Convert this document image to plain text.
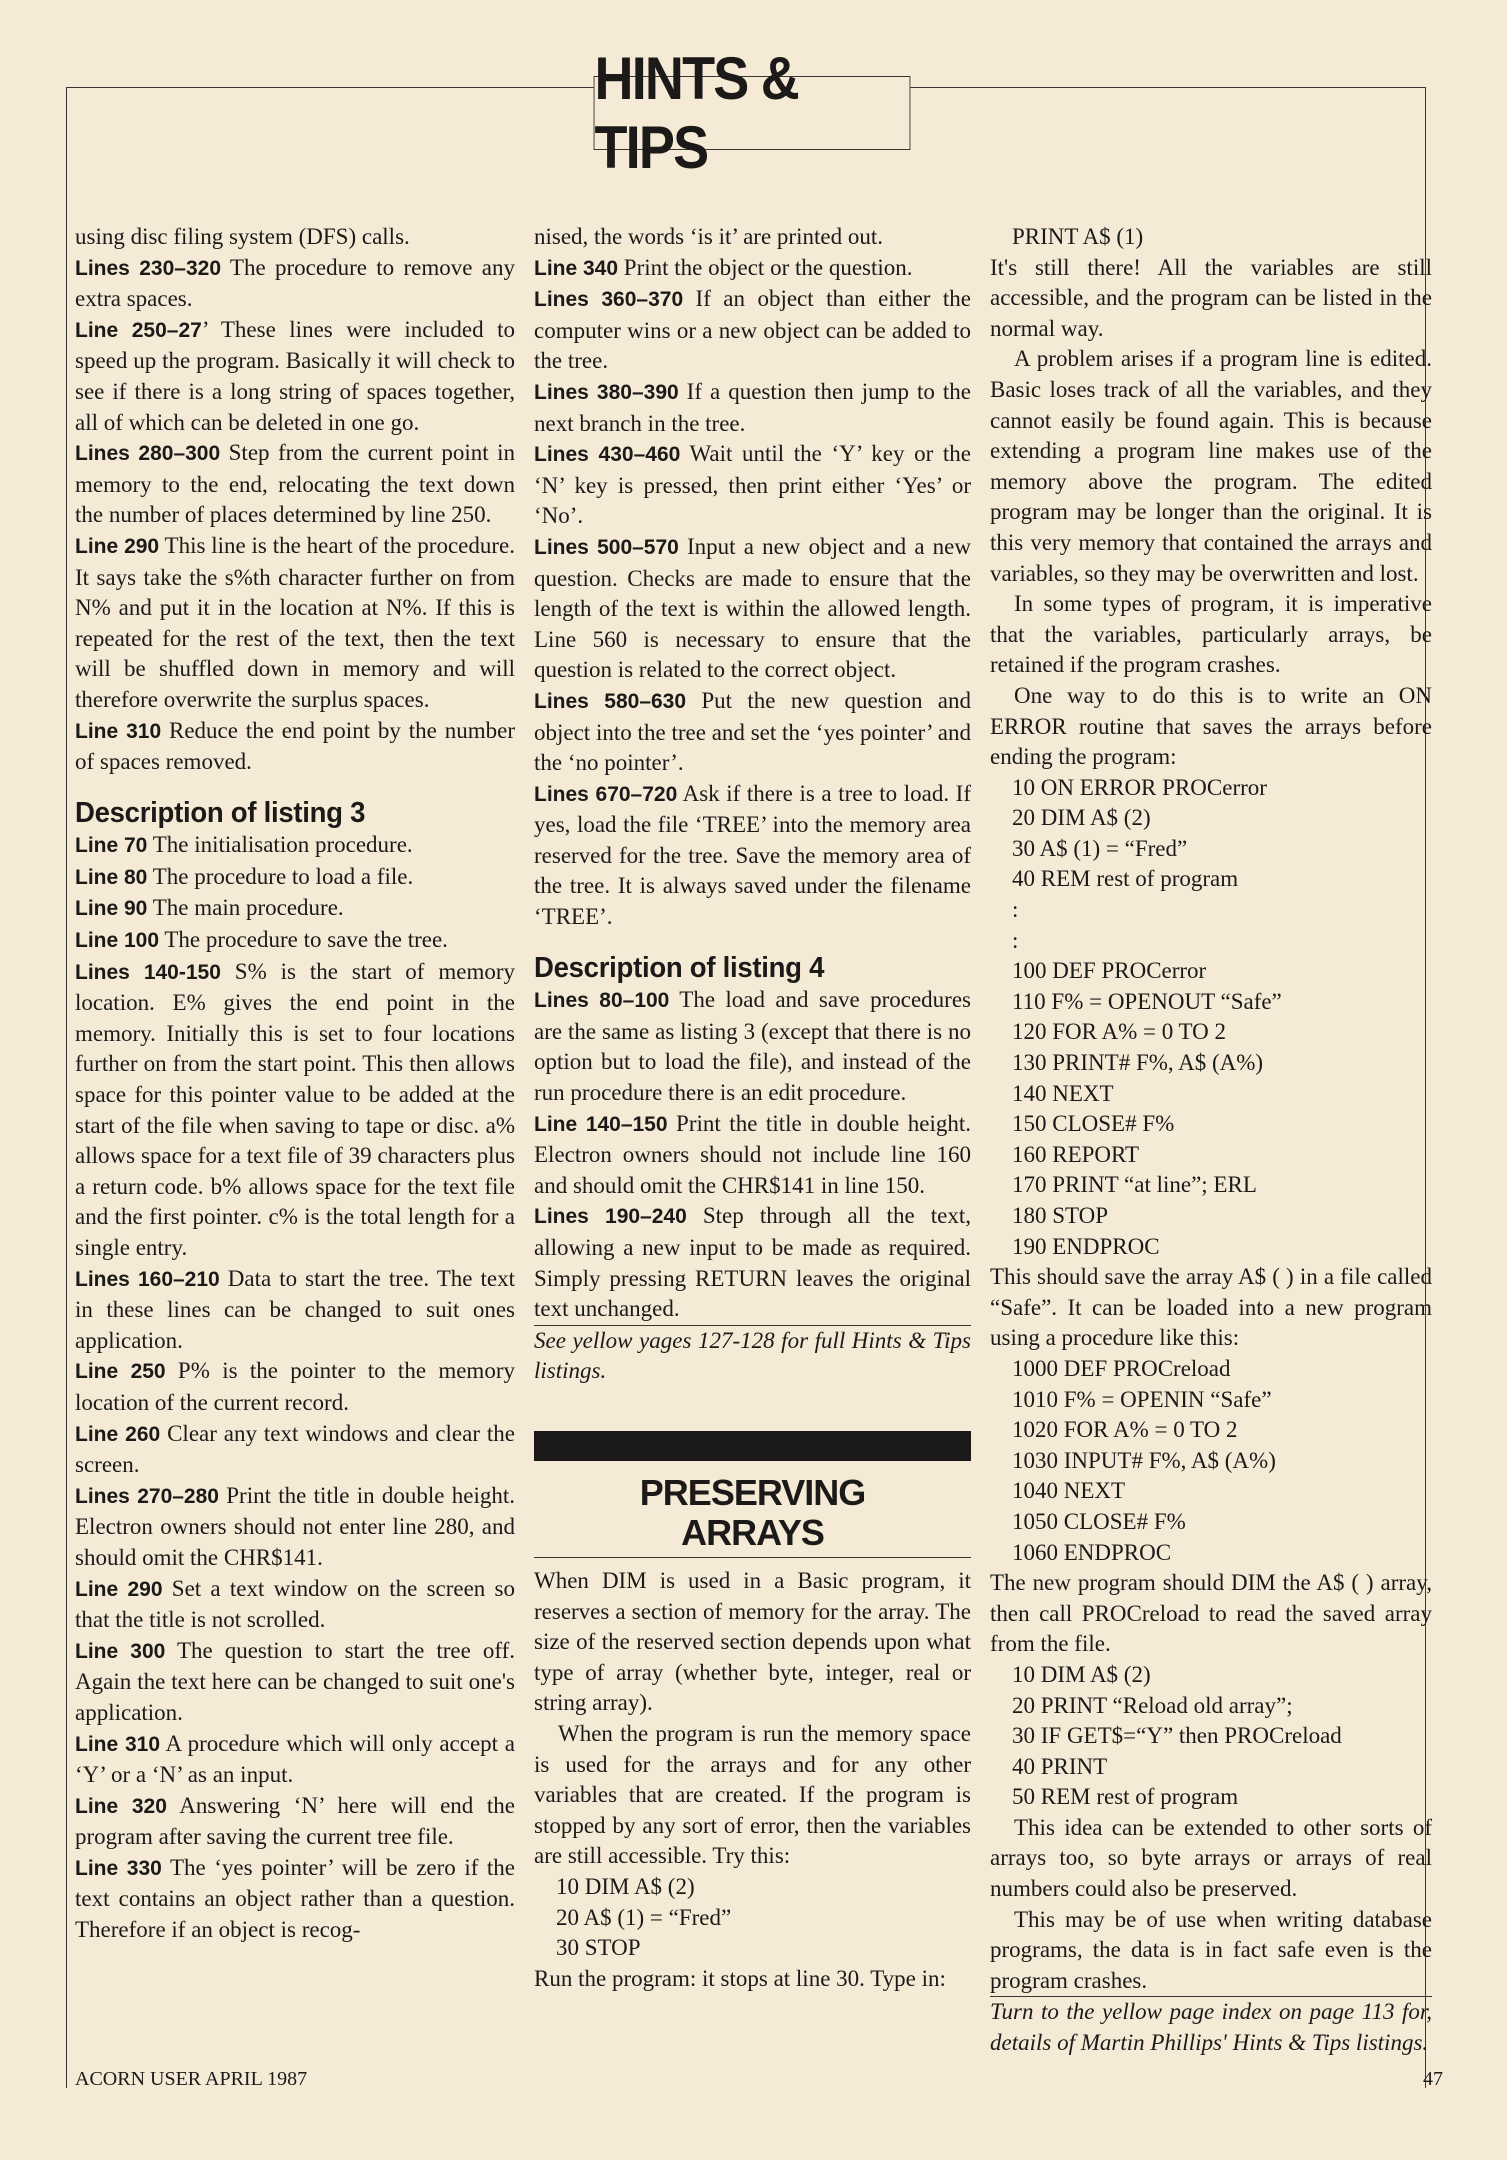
HINTS & TIPS

using disc filing system (DFS) calls.

Lines 230–320 The procedure to remove any extra spaces.

Line 250–27’ These lines were included to speed up the program. Basically it will check to see if there is a long string of spaces together, all of which can be deleted in one go.

Lines 280–300 Step from the current point in memory to the end, relocating the text down the number of places determined by line 250.

Line 290 This line is the heart of the procedure. It says take the s%th character further on from N% and put it in the location at N%. If this is repeated for the rest of the text, then the text will be shuffled down in memory and will therefore overwrite the surplus spaces.

Line 310 Reduce the end point by the number of spaces removed.

Description of listing 3

Line 70 The initialisation procedure.

Line 80 The procedure to load a file.

Line 90 The main procedure.

Line 100 The procedure to save the tree.

Lines 140-150 S% is the start of memory location. E% gives the end point in the memory. Initially this is set to four locations further on from the start point. This then allows space for this pointer value to be added at the start of the file when saving to tape or disc. a% allows space for a text file of 39 characters plus a return code. b% allows space for the text file and the first pointer. c% is the total length for a single entry.

Lines 160–210 Data to start the tree. The text in these lines can be changed to suit ones application.

Line 250 P% is the pointer to the memory location of the current record.

Line 260 Clear any text windows and clear the screen.

Lines 270–280 Print the title in double height. Electron owners should not enter line 280, and should omit the CHR$141.

Line 290 Set a text window on the screen so that the title is not scrolled.

Line 300 The question to start the tree off. Again the text here can be changed to suit one's application.

Line 310 A procedure which will only accept a ‘Y’ or a ‘N’ as an input.

Line 320 Answering ‘N’ here will end the program after saving the current tree file.

Line 330 The ‘yes pointer’ will be zero if the text contains an object rather than a question. Therefore if an object is recog-

nised, the words ‘is it’ are printed out.

Line 340 Print the object or the question.

Lines 360–370 If an object than either the computer wins or a new object can be added to the tree.

Lines 380–390 If a question then jump to the next branch in the tree.

Lines 430–460 Wait until the ‘Y’ key or the ‘N’ key is pressed, then print either ‘Yes’ or ‘No’.

Lines 500–570 Input a new object and a new question. Checks are made to ensure that the length of the text is within the allowed length. Line 560 is necessary to ensure that the question is related to the correct object.

Lines 580–630 Put the new question and object into the tree and set the ‘yes pointer’ and the ‘no pointer’.

Lines 670–720 Ask if there is a tree to load. If yes, load the file ‘TREE’ into the memory area reserved for the tree. Save the memory area of the tree. It is always saved under the filename ‘TREE’.

Description of listing 4

Lines 80–100 The load and save procedures are the same as listing 3 (except that there is no option but to load the file), and instead of the run procedure there is an edit procedure.

Line 140–150 Print the title in double height. Electron owners should not include line 160 and should omit the CHR$141 in line 150.

Lines 190–240 Step through all the text, allowing a new input to be made as required. Simply pressing RETURN leaves the original text unchanged.

See yellow yages 127-128 for full Hints & Tips listings.

PRESERVING
ARRAYS

When DIM is used in a Basic program, it reserves a section of memory for the array. The size of the reserved section depends upon what type of array (whether byte, integer, real or string array).

When the program is run the memory space is used for the arrays and for any other variables that are created. If the program is stopped by any sort of error, then the variables are still accessible. Try this:

10 DIM A$ (2)
20 A$ (1) = “Fred”
30 STOP

Run the program: it stops at line 30. Type in:

PRINT A$ (1)

It's still there! All the variables are still accessible, and the program can be listed in the normal way.

A problem arises if a program line is edited. Basic loses track of all the variables, and they cannot easily be found again. This is because extending a program line makes use of the memory above the program. The edited program may be longer than the original. It is this very memory that contained the arrays and variables, so they may be overwritten and lost.

In some types of program, it is imperative that the variables, particularly arrays, be retained if the program crashes.

One way to do this is to write an ON ERROR routine that saves the arrays before ending the program:

10 ON ERROR PROCerror
20 DIM A$ (2)
30 A$ (1) = “Fred”
40 REM rest of program
:
:
100 DEF PROCerror
110 F% = OPENOUT “Safe”
120 FOR A% = 0 TO 2
130 PRINT# F%, A$ (A%)
140 NEXT
150 CLOSE# F%
160 REPORT
170 PRINT “at line”; ERL
180 STOP
190 ENDPROC

This should save the array A$ ( ) in a file called “Safe”. It can be loaded into a new program using a procedure like this:

1000 DEF PROCreload
1010 F% = OPENIN “Safe”
1020 FOR A% = 0 TO 2
1030 INPUT# F%, A$ (A%)
1040 NEXT
1050 CLOSE# F%
1060 ENDPROC

The new program should DIM the A$ ( ) array, then call PROCreload to read the saved array from the file.

10 DIM A$ (2)
20 PRINT “Reload old array”;
30 IF GET$=“Y” then PROCreload
40 PRINT
50 REM rest of program

This idea can be extended to other sorts of arrays too, so byte arrays or arrays of real numbers could also be preserved.

This may be of use when writing database programs, the data is in fact safe even is the program crashes.

Turn to the yellow page index on page 113 for, details of Martin Phillips' Hints & Tips listings.

ACORN USER APRIL 1987	47
